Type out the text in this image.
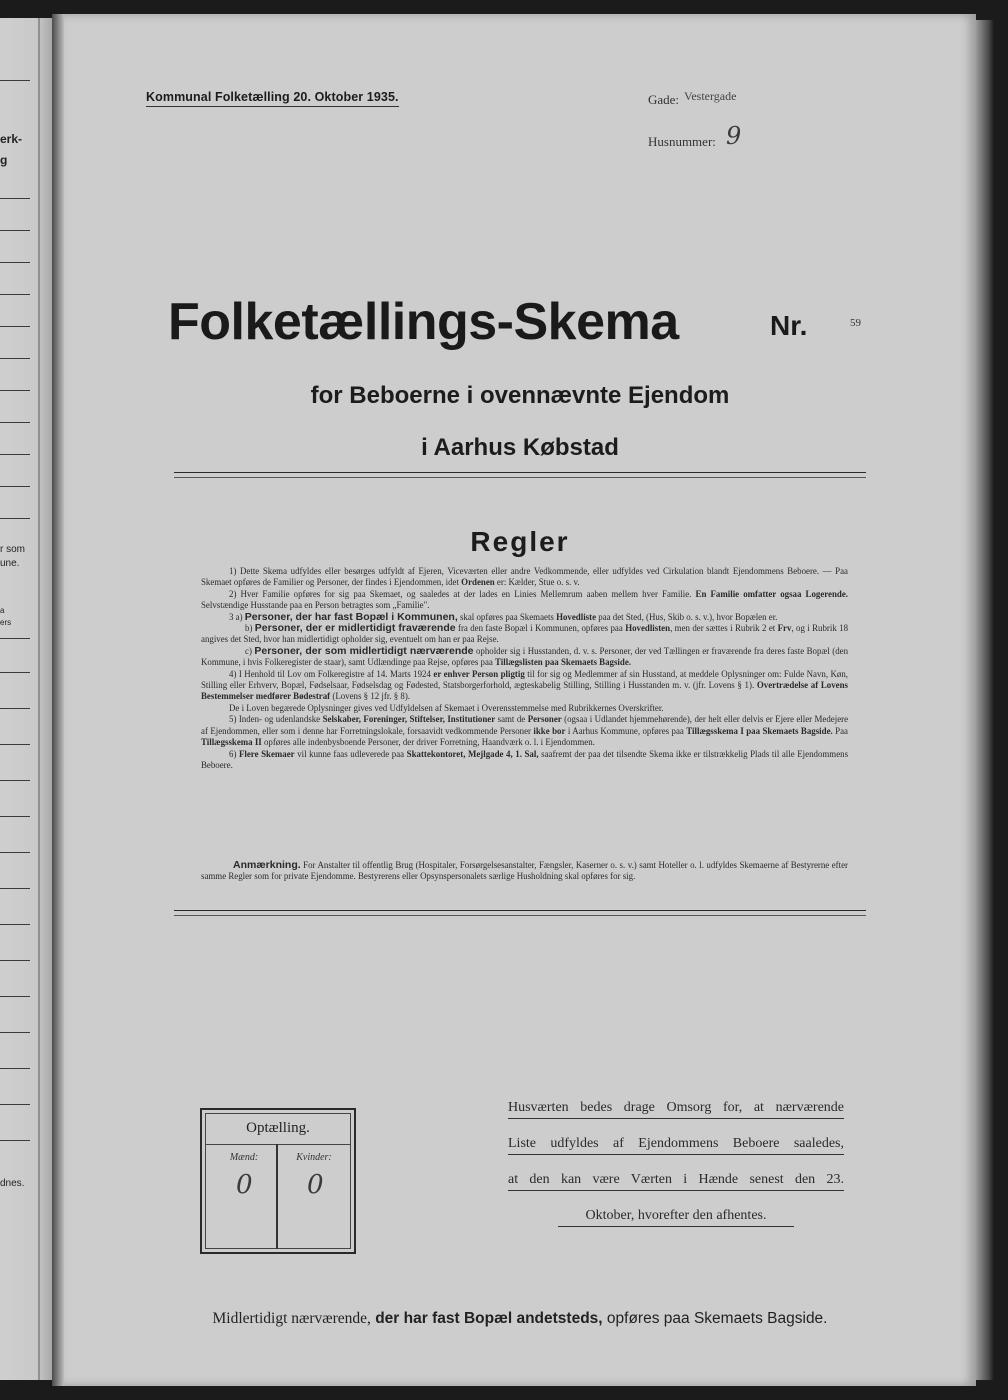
erk-
g
r som
une.
a
ers
dnes.
Kommunal Folketælling 20. Oktober 1935.	Gade: Vestergade
Husnummer: 9
Folketællings-Skema	Nr.	59
for Beboerne i ovennævnte Ejendom
i Aarhus Købstad
Regler

1) Dette Skema udfyldes eller besørges udfyldt af Ejeren, Viceværten eller andre Vedkommende, eller udfyldes ved Cirkulation blandt Ejendommens Beboere. — Paa Skemaet opføres de Familier og Personer, der findes i Ejendommen, idet Ordenen er: Kælder, Stue o. s. v.

2) Hver Familie opføres for sig paa Skemaet, og saaledes at der lades en Linies Mellemrum aaben mellem hver Familie. En Familie omfatter ogsaa Logerende. Selvstændige Husstande paa en Person betragtes som „Familie".

3 a) Personer, der har fast Bopæl i Kommunen, skal opføres paa Skemaets Hovedliste paa det Sted, (Hus, Skib o. s. v.), hvor Bopælen er.

b) Personer, der er midlertidigt fraværende fra den faste Bopæl i Kommunen, opføres paa Hovedlisten, men der sættes i Rubrik 2 et Frv, og i Rubrik 18 angives det Sted, hvor han midlertidigt opholder sig, eventuelt om han er paa Rejse.

c) Personer, der som midlertidigt nærværende opholder sig i Husstanden, d. v. s. Personer, der ved Tællingen er fraværende fra deres faste Bopæl (den Kommune, i hvis Folkeregister de staar), samt Udlændinge paa Rejse, opføres paa Tillægslisten paa Skemaets Bagside.

4) I Henhold til Lov om Folkeregistre af 14. Marts 1924 er enhver Person pligtig til for sig og Medlemmer af sin Husstand, at meddele Oplysninger om: Fulde Navn, Køn, Stilling eller Erhverv, Bopæl, Fødselsaar, Fødselsdag og Fødested, Statsborgerforhold, ægteskabelig Stilling, Stilling i Husstanden m. v. (jfr. Lovens § 1). Overtrædelse af Lovens Bestemmelser medfører Bødestraf (Lovens § 12 jfr. § 8).

De i Loven begærede Oplysninger gives ved Udfyldelsen af Skemaet i Overensstemmelse med Rubrikkernes Overskrifter.

5) Inden- og udenlandske Selskaber, Foreninger, Stiftelser, Institutioner samt de Personer (ogsaa i Udlandet hjemmehørende), der helt eller delvis er Ejere eller Medejere af Ejendommen, eller som i denne har Forretningslokale, forsaavidt vedkommende Personer ikke bor i Aarhus Kommune, opføres paa Tillægsskema I paa Skemaets Bagside. Paa Tillægsskema II opføres alle indenbysboende Personer, der driver Forretning, Haandværk o. l. i Ejendommen.

6) Flere Skemaer vil kunne faas udleverede paa Skattekontoret, Mejlgade 4, 1. Sal, saafremt der paa det tilsendte Skema ikke er tilstrækkelig Plads til alle Ejendommens Beboere.

Anmærkning. For Anstalter til offentlig Brug (Hospitaler, Forsørgelsesanstalter, Fængsler, Kaserner o. s. v.) samt Hoteller o. l. udfyldes Skemaerne af Bestyrerne efter samme Regler som for private Ejendomme. Bestyrerens eller Opsynspersonalets særlige Husholdning skal opføres for sig.

Optælling.
Mænd:	Kvinder:
0 0
Husværten bedes drage Omsorg for, at nærværende
Liste udfyldes af Ejendommens Beboere saaledes,
at den kan være Værten i Hænde senest den 23.
Oktober, hvorefter den afhentes.
Midlertidigt nærværende, der har fast Bopæl andetsteds, opføres paa Skemaets Bagside.
